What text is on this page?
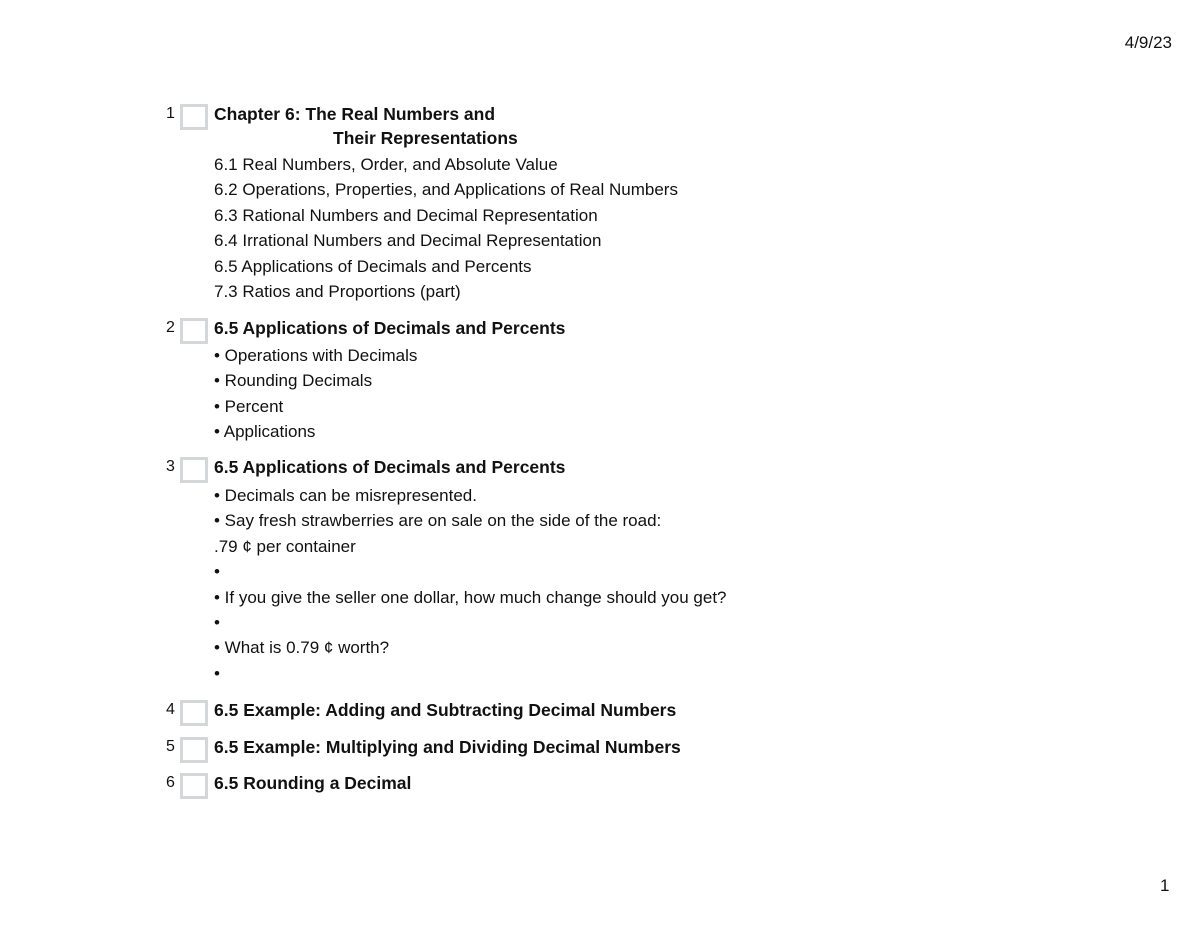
4/9/23
1 Chapter 6: The Real Numbers and
Their Representations
6.1 Real Numbers, Order, and Absolute Value
6.2 Operations, Properties, and Applications of Real Numbers
6.3 Rational Numbers and Decimal Representation
6.4 Irrational Numbers and Decimal Representation
6.5 Applications of Decimals and Percents
7.3 Ratios and Proportions (part)
2 6.5 Applications of Decimals and Percents
• Operations with Decimals
• Rounding Decimals
• Percent
• Applications
3 6.5 Applications of Decimals and Percents
• Decimals can be misrepresented.
• Say fresh strawberries are on sale on the side of the road:
.79 ¢ per container
•
• If you give the seller one dollar, how much change should you get?
•
• What is 0.79 ¢ worth?
•
4 6.5 Example: Adding and Subtracting Decimal Numbers
5 6.5 Example: Multiplying and Dividing Decimal Numbers
6 6.5 Rounding a Decimal
1
